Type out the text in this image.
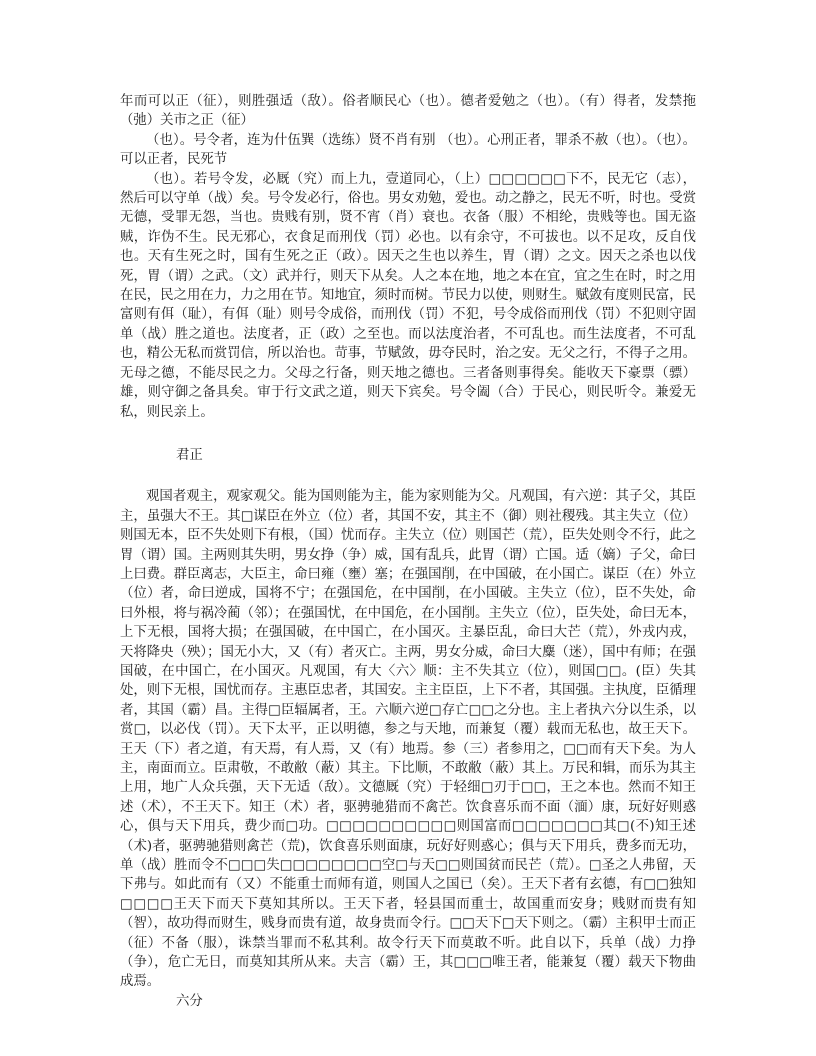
年而可以正（征），则胜强适（敌）。俗者顺民心（也）。德者爱勉之（也）。（有）得者，发禁拖（弛）关市之正（征）

（也）。号令者，连为什伍巽（选练）贤不肖有别 （也）。心刑正者，罪杀不赦（也）。（也）。可以正者，民死节

（也）。若号令发，必厩（究）而上九，壹道同心，（上）□□□□□□下不，民无它（志），然后可以守单（战）矣。号令发必行，俗也。男女劝勉，爱也。动之静之，民无不听，时也。受赏无德，受罪无怨，当也。贵贱有别，贤不宵（肖）衰也。衣备（服）不相纶，贵贱等也。国无盗贼，诈伪不生。民无邪心，衣食足而刑伐（罚）必也。以有余守，不可拔也。以不足攻，反自伐也。天有生死之时，国有生死之正（政）。因天之生也以养生，胃（谓）之文。因天之杀也以伐死，胃（谓）之武。（文）武并行，则天下从矣。人之本在地，地之本在宜，宜之生在时，时之用在民，民之用在力，力之用在节。知地宜，须时而树。节民力以使，则财生。赋敛有度则民富，民富则有佴（耻），有佴（耻）则号令成俗，而刑伐（罚）不犯，号令成俗而刑伐（罚）不犯则守固单（战）胜之道也。法度者，正（政）之至也。而以法度治者，不可乱也。而生法度者，不可乱也，精公无私而赏罚信，所以治也。苛事，节赋敛，毋夺民时，治之安。无父之行，不得子之用。无母之德，不能尽民之力。父母之行备，则天地之德也。三者备则事得矣。能收天下豪票（骠）雄，则守御之备具矣。审于行文武之道，则天下宾矣。号令阖（合）于民心，则民听令。兼爱无私，则民亲上。

君正

观国者观主，观家观父。能为国则能为主，能为家则能为父。凡观国，有六逆：其子父，其臣主，虽强大不王。其□谋臣在外立（位）者，其国不安，其主不（御）则社稷残。其主失立（位）则国无本，臣不失处则下有根，（国）忧而存。主失立（位）则国芒（荒），臣失处则令不行，此之胃（谓）国。主两则其失明，男女挣（争）威，国有乱兵，此胃（谓）亡国。适（嫡）子父，命曰上曰费。群臣离志，大臣主，命曰雍（壅）塞；在强国削，在中国破，在小国亡。谋臣（在）外立（位）者，命曰逆成，国将不宁；在强国危，在中国削，在小国破。主失立（位），臣不失处，命曰外根，将与祸冷蔺（邻）；在强国忧，在中国危，在小国削。主失立（位），臣失处，命曰无本，上下无根，国将大损；在强国破，在中国亡，在小国灭。主暴臣乱，命曰大芒（荒），外戎内戎，天将降央（殃）；国无小大，又（有）者灭亡。主两，男女分威，命曰大麋（迷），国中有师；在强国破，在中国亡，在小国灭。凡观国，有大〈六〉顺：主不失其立（位），则国□□。(臣）失其处，则下无根，国忧而存。主惠臣忠者，其国安。主主臣臣，上下不者，其国强。主执度，臣循理者，其国（霸）昌。主得□臣辐属者，王。六顺六逆□存亡□□之分也。主上者执六分以生杀，以赏□，以必伐（罚）。天下太平，正以明德，参之与天地，而兼复（覆）载而无私也，故王天下。王天（下）者之道，有天焉，有人焉，又（有）地焉。参（三）者参用之，□□而有天下矣。为人主，南面而立。臣肃敬，不敢敝（蔽）其主。下比顺，不敢敝（蔽）其上。万民和辑，而乐为其主上用，地广人众兵强，天下无适（敌）。文德厩（究）于轻细□刃于□□，王之本也。然而不知王述（术），不王天下。知王（术）者，驱骋驰猎而不禽芒。饮食喜乐而不面（湎）康，玩好好则惑心，俱与天下用兵，费少而□功。□□□□□□□□□□则国富而□□□□□□□其□(不)知王述（术)者，驱骋驰猎则禽芒（荒)，饮食喜乐则面康，玩好好则惑心；俱与天下用兵，费多而无功，单（战）胜而令不□□□失□□□□□□□□空□与天□□则国贫而民芒（荒）。□圣之人弗留，天下弗与。如此而有（又）不能重士而师有道，则国人之国已（矣）。王天下者有玄德，有□□独知□□□□王天下而天下莫知其所以。王天下者，轻县国而重士，故国重而安身；贱财而贵有知（智），故功得而财生，贱身而贵有道，故身贵而令行。□□天下□天下则之。（霸）主积甲士而正（征）不备（服），诛禁当罪而不私其利。故令行天下而莫敢不听。此自以下，兵单（战）力挣（争），危亡无日，而莫知其所从来。夫言（霸）王，其□□□唯王者，能兼复（覆）载天下物曲成焉。

六分
